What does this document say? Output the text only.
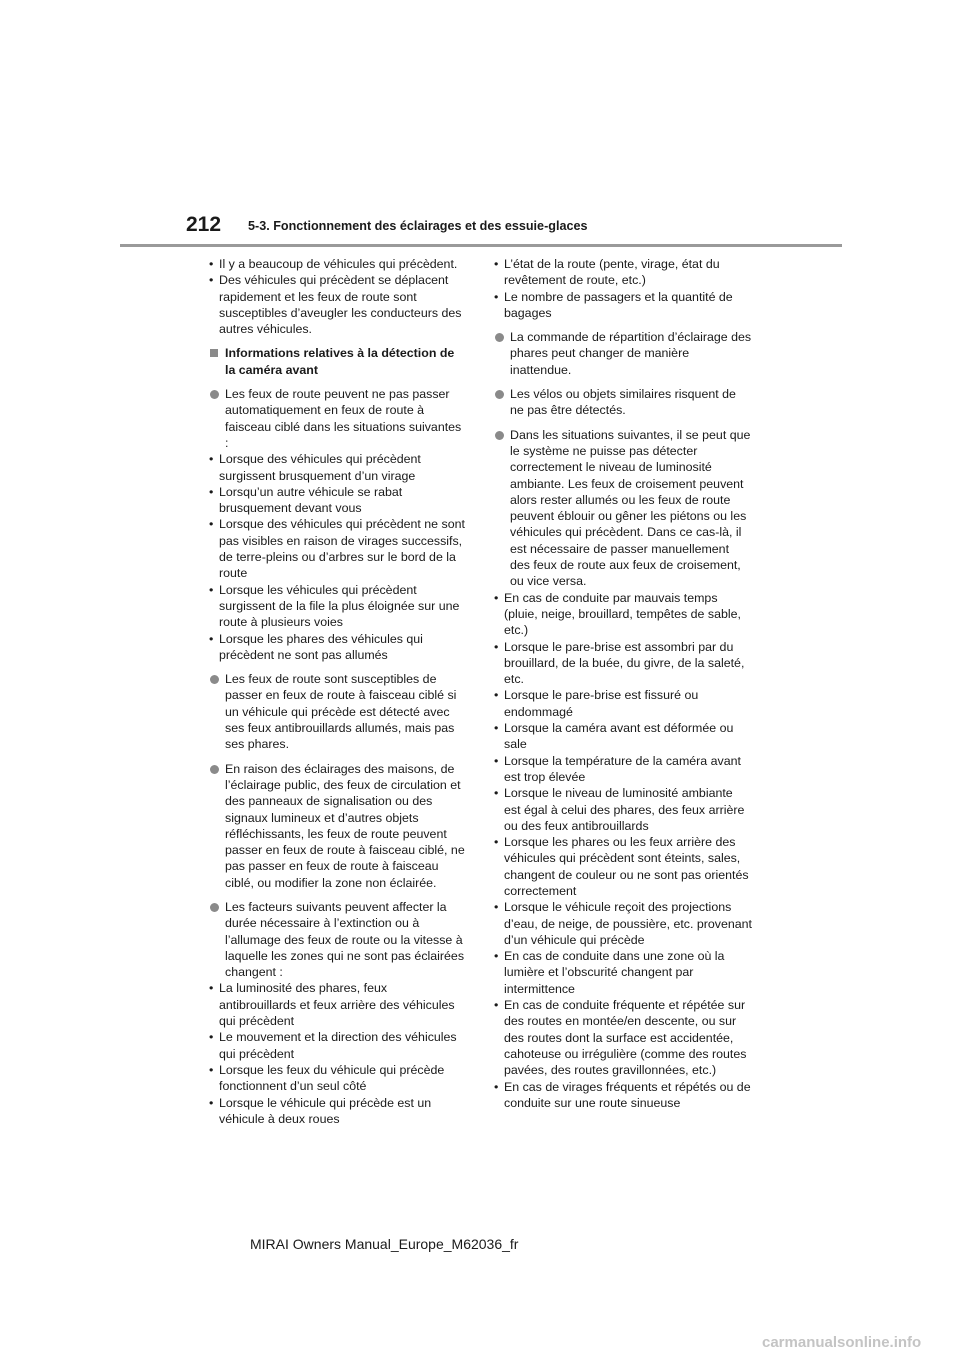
212 5-3. Fonctionnement des éclairages et des essuie-glaces
• Il y a beaucoup de véhicules qui précèdent.
• Des véhicules qui précèdent se déplacent rapidement et les feux de route sont susceptibles d’aveugler les conducteurs des autres véhicules.
Informations relatives à la détection de la caméra avant
Les feux de route peuvent ne pas passer automatiquement en feux de route à faisceau ciblé dans les situations suivantes :
• Lorsque des véhicules qui précèdent surgissent brusquement d’un virage
• Lorsqu’un autre véhicule se rabat brusquement devant vous
• Lorsque des véhicules qui précèdent ne sont pas visibles en raison de virages successifs, de terre-pleins ou d’arbres sur le bord de la route
• Lorsque les véhicules qui précèdent surgissent de la file la plus éloignée sur une route à plusieurs voies
• Lorsque les phares des véhicules qui précèdent ne sont pas allumés
Les feux de route sont susceptibles de passer en feux de route à faisceau ciblé si un véhicule qui précède est détecté avec ses feux antibrouillards allumés, mais pas ses phares.
En raison des éclairages des maisons, de l’éclairage public, des feux de circulation et des panneaux de signalisation ou des signaux lumineux et d’autres objets réfléchissants, les feux de route peuvent passer en feux de route à faisceau ciblé, ne pas passer en feux de route à faisceau ciblé, ou modifier la zone non éclairée.
Les facteurs suivants peuvent affecter la durée nécessaire à l’extinction ou à l’allumage des feux de route ou la vitesse à laquelle les zones qui ne sont pas éclairées changent :
• La luminosité des phares, feux antibrouillards et feux arrière des véhicules qui précèdent
• Le mouvement et la direction des véhicules qui précèdent
• Lorsque les feux du véhicule qui précède fonctionnent d’un seul côté
• Lorsque le véhicule qui précède est un véhicule à deux roues
• L’état de la route (pente, virage, état du revêtement de route, etc.)
• Le nombre de passagers et la quantité de bagages
La commande de répartition d’éclairage des phares peut changer de manière inattendue.
Les vélos ou objets similaires risquent de ne pas être détectés.
Dans les situations suivantes, il se peut que le système ne puisse pas détecter correctement le niveau de luminosité ambiante. Les feux de croisement peuvent alors rester allumés ou les feux de route peuvent éblouir ou gêner les piétons ou les véhicules qui précèdent. Dans ce cas-là, il est nécessaire de passer manuellement des feux de route aux feux de croisement, ou vice versa.
• En cas de conduite par mauvais temps (pluie, neige, brouillard, tempêtes de sable, etc.)
• Lorsque le pare-brise est assombri par du brouillard, de la buée, du givre, de la saleté, etc.
• Lorsque le pare-brise est fissuré ou endommagé
• Lorsque la caméra avant est déformée ou sale
• Lorsque la température de la caméra avant est trop élevée
• Lorsque le niveau de luminosité ambiante est égal à celui des phares, des feux arrière ou des feux antibrouillards
• Lorsque les phares ou les feux arrière des véhicules qui précèdent sont éteints, sales, changent de couleur ou ne sont pas orientés correctement
• Lorsque le véhicule reçoit des projections d’eau, de neige, de poussière, etc. provenant d’un véhicule qui précède
• En cas de conduite dans une zone où la lumière et l’obscurité changent par intermittence
• En cas de conduite fréquente et répétée sur des routes en montée/en descente, ou sur des routes dont la surface est accidentée, cahoteuse ou irrégulière (comme des routes pavées, des routes gravillonnées, etc.)
• En cas de virages fréquents et répétés ou de conduite sur une route sinueuse
MIRAI Owners Manual_Europe_M62036_fr
carmanualsonline.info
